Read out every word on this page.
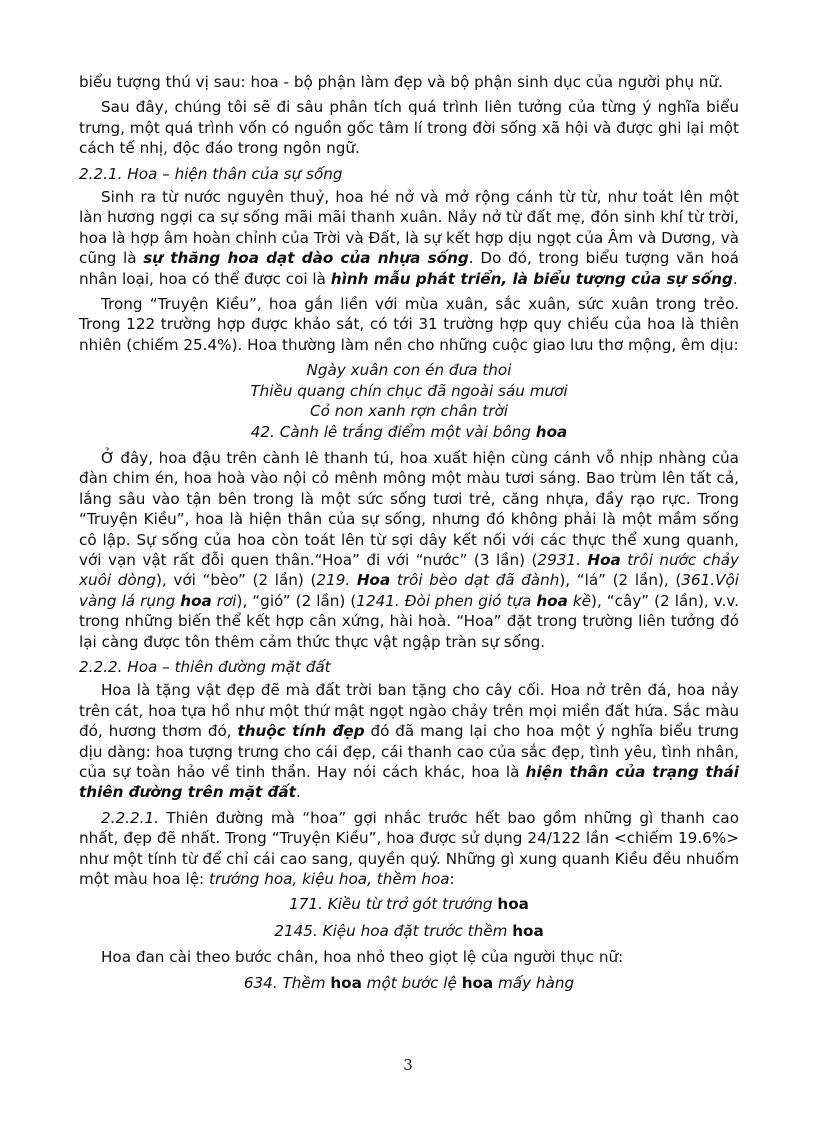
biểu tượng thú vị sau: hoa - bộ phận làm đẹp và bộ phận sinh dục của người phụ nữ.

Sau đây, chúng tôi sẽ đi sâu phân tích quá trình liên tưởng của từng ý nghĩa biểu trưng, một quá trình vốn có nguồn gốc tâm lí trong đời sống xã hội và được ghi lại một cách tế nhị, độc đáo trong ngôn ngữ.

2.2.1. Hoa – hiện thân của sự sống

Sinh ra từ nước nguyên thuỷ, hoa hé nở và mở rộng cánh từ từ, như toát lên một làn hương ngợi ca sự sống mãi mãi thanh xuân. Nảy nở từ đất mẹ, đón sinh khí từ trời, hoa là hợp âm hoàn chỉnh của Trời và Đất, là sự kết hợp dịu ngọt của Âm và Dương, và cũng là sự thăng hoa dạt dào của nhựa sống. Do đó, trong biểu tượng văn hoá nhân loại, hoa có thể được coi là hình mẫu phát triển, là biểu tượng của sự sống.

Trong “Truyện Kiều”, hoa gắn liền với mùa xuân, sắc xuân, sức xuân trong trẻo. Trong 122 trường hợp được khảo sát, có tới 31 trường hợp quy chiếu của hoa là thiên nhiên (chiếm 25.4%). Hoa thường làm nền cho những cuộc giao lưu thơ mộng, êm dịu:

Ngày xuân con én đưa thoi
Thiều quang chín chục đã ngoài sáu mươi
Cỏ non xanh rợn chân trời
42. Cành lê trắng điểm một vài bông hoa

Ở đây, hoa đậu trên cành lê thanh tú, hoa xuất hiện cùng cánh vỗ nhịp nhàng của đàn chim én, hoa hoà vào nội cỏ mênh mông một màu tươi sáng. Bao trùm lên tất cả, lắng sâu vào tận bên trong là một sức sống tươi trẻ, căng nhựa, đầy rạo rực. Trong “Truyện Kiều”, hoa là hiện thân của sự sống, nhưng đó không phải là một mầm sống cô lập. Sự sống của hoa còn toát lên từ sợi dây kết nối với các thực thể xung quanh, với vạn vật rất đỗi quen thân.“Hoa” đi với “nước” (3 lần) (2931. Hoa trôi nước chảy xuôi dòng), với “bèo” (2 lần) (219. Hoa trôi bèo dạt đã đành), “lá” (2 lần), (361.Vội vàng lá rụng hoa rơi), “gió” (2 lần) (1241. Đòi phen gió tựa hoa kề), “cây” (2 lần), v.v. trong những biến thể kết hợp cân xứng, hài hoà. “Hoa” đặt trong trường liên tưởng đó lại càng được tôn thêm cảm thức thực vật ngập tràn sự sống.

2.2.2. Hoa – thiên đường mặt đất

Hoa là tặng vật đẹp đẽ mà đất trời ban tặng cho cây cối. Hoa nở trên đá, hoa nảy trên cát, hoa tựa hồ như một thứ mật ngọt ngào chảy trên mọi miền đất hứa. Sắc màu đó, hương thơm đó, thuộc tính đẹp đó đã mang lại cho hoa một ý nghĩa biểu trưng dịu dàng: hoa tượng trưng cho cái đẹp, cái thanh cao của sắc đẹp, tình yêu, tình nhân, của sự toàn hảo về tinh thần. Hay nói cách khác, hoa là hiện thân của trạng thái thiên đường trên mặt đất.

2.2.2.1. Thiên đường mà “hoa” gợi nhắc trước hết bao gồm những gì thanh cao nhất, đẹp đẽ nhất. Trong “Truyện Kiều”, hoa được sử dụng 24/122 lần <chiếm 19.6%> như một tính từ để chỉ cái cao sang, quyền quý. Những gì xung quanh Kiều đều nhuốm một màu hoa lệ: trướng hoa, kiệu hoa, thềm hoa:

171. Kiều từ trở gót trướng hoa
2145. Kiệu hoa đặt trước thềm hoa

Hoa đan cài theo bước chân, hoa nhỏ theo giọt lệ của người thục nữ:

634. Thềm hoa một bước lệ hoa mấy hàng
3
